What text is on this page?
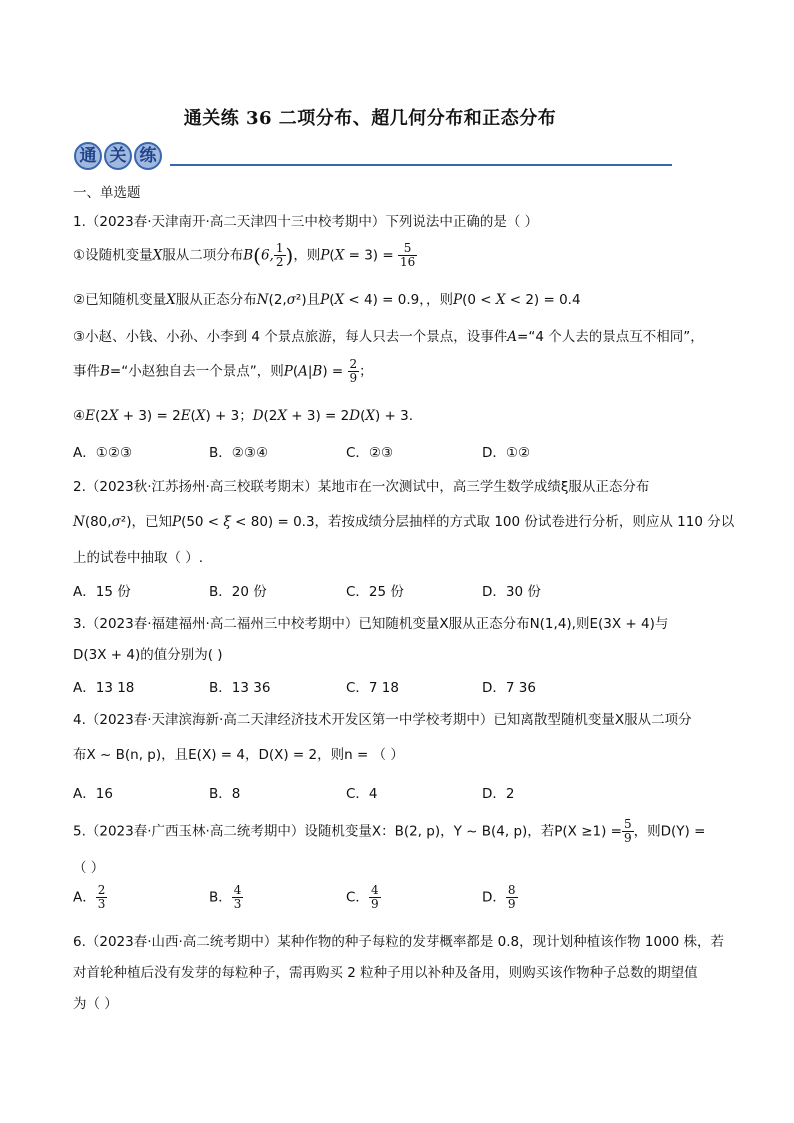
通关练 36 二项分布、超几何分布和正态分布
通 关 练
一、单选题
1.（2023春·天津南开·高二天津四十三中校考期中）下列说法中正确的是（ ）
①设随机变量X服从二项分布B(6, $\frac{1}{2}$ )，则$P(X = 3) = \frac{5}{16}$
②已知随机变量X服从正态分布N(2,σ²)且P(X < 4) = 0.9，，则P(0 < X < 2) = 0.4
③小赵、小钱、小孙、小李到 4 个景点旅游，每人只去一个景点，设事件A=“4 个人去的景点互不相同”，
事件B=“小赵独自去一个景点”，则$P(A|B) = \frac{2}{9}$ ；
④E(2X + 3) = 2E(X) + 3；D(2X + 3) = 2D(X) + 3.
A．①②③	B．②③④	C．②③	D．①②
2.（2023秋·江苏扬州·高三校联考期末）某地市在一次测试中，高三学生数学成绩ξ服从正态分布
N(80,σ²)，已知P(50 < ξ < 80) = 0.3，若按成绩分层抽样的方式取 100 份试卷进行分析，则应从 110 分以
上的试卷中抽取（ ）.
A．15 份	B．20 份	C．25 份	D．30 份
3.（2023春·福建福州·高二福州三中校考期中）已知随机变量X服从正态分布N(1,4),则E(3X + 4)与
D(3X + 4)的值分别为( )
A．13 18	B．13 36	C．7 18	D．7 36
4.（2023春·天津滨海新·高二天津经济技术开发区第一中学校考期中）已知离散型随机变量X服从二项分
布X ~ B(n, p)，且E(X) = 4，D(X) = 2，则n = （ ）
A．16	B．8	C．4	D．2
5.（2023春·广西玉林·高二统考期中）设随机变量X：B(2, p)，Y ~ B(4, p)，若$P(X \ge 1) = \frac{5}{9}$ ，则D(Y) =
（ ）
A． $\frac{2}{3}$	B． $\frac{4}{3}$	C． $\frac{4}{9}$	D． $\frac{8}{9}$
6.（2023春·山西·高二统考期中）某种作物的种子每粒的发芽概率都是 0.8，现计划种植该作物 1000 株，若
对首轮种植后没有发芽的每粒种子，需再购买 2 粒种子用以补种及备用，则购买该作物种子总数的期望值
为（ ）
